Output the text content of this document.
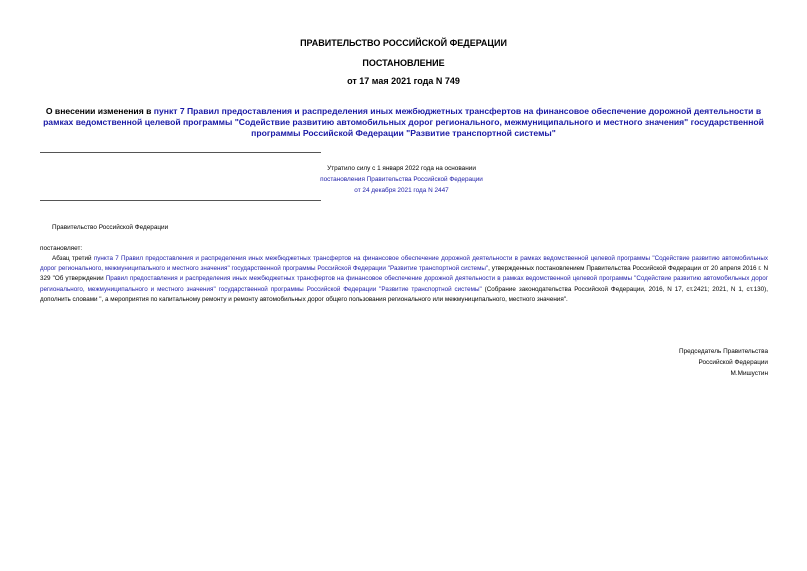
ПРАВИТЕЛЬСТВО РОССИЙСКОЙ ФЕДЕРАЦИИ
ПОСТАНОВЛЕНИЕ
от 17 мая 2021 года N 749
О внесении изменения в пункт 7 Правил предоставления и распределения иных межбюджетных трансфертов на финансовое обеспечение дорожной деятельности в рамках ведомственной целевой программы "Содействие развитию автомобильных дорог регионального, межмуниципального и местного значения" государственной программы Российской Федерации "Развитие транспортной системы"
Утратило силу с 1 января 2022 года на основании
постановления Правительства Российской Федерации
от 24 декабря 2021 года N 2447
Правительство Российской Федерации
постановляет:
Абзац третий пункта 7 Правил предоставления и распределения иных межбюджетных трансфертов на финансовое обеспечение дорожной деятельности в рамках ведомственной целевой программы "Содействие развитию автомобильных дорог регионального, межмуниципального и местного значения" государственной программы Российской Федерации "Развитие транспортной системы", утвержденных постановлением Правительства Российской Федерации от 20 апреля 2016 г. N 329 "Об утверждении Правил предоставления и распределения иных межбюджетных трансфертов на финансовое обеспечение дорожной деятельности в рамках ведомственной целевой программы "Содействие развитию автомобильных дорог регионального, межмуниципального и местного значения" государственной программы Российской Федерации "Развитие транспортной системы" (Собрание законодательства Российской Федерации, 2016, N 17, ст.2421; 2021, N 1, ст.130), дополнить словами ", а мероприятия по капитальному ремонту и ремонту автомобильных дорог общего пользования регионального или межмуниципального, местного значения".
Председатель Правительства
Российской Федерации
М.Мишустин
